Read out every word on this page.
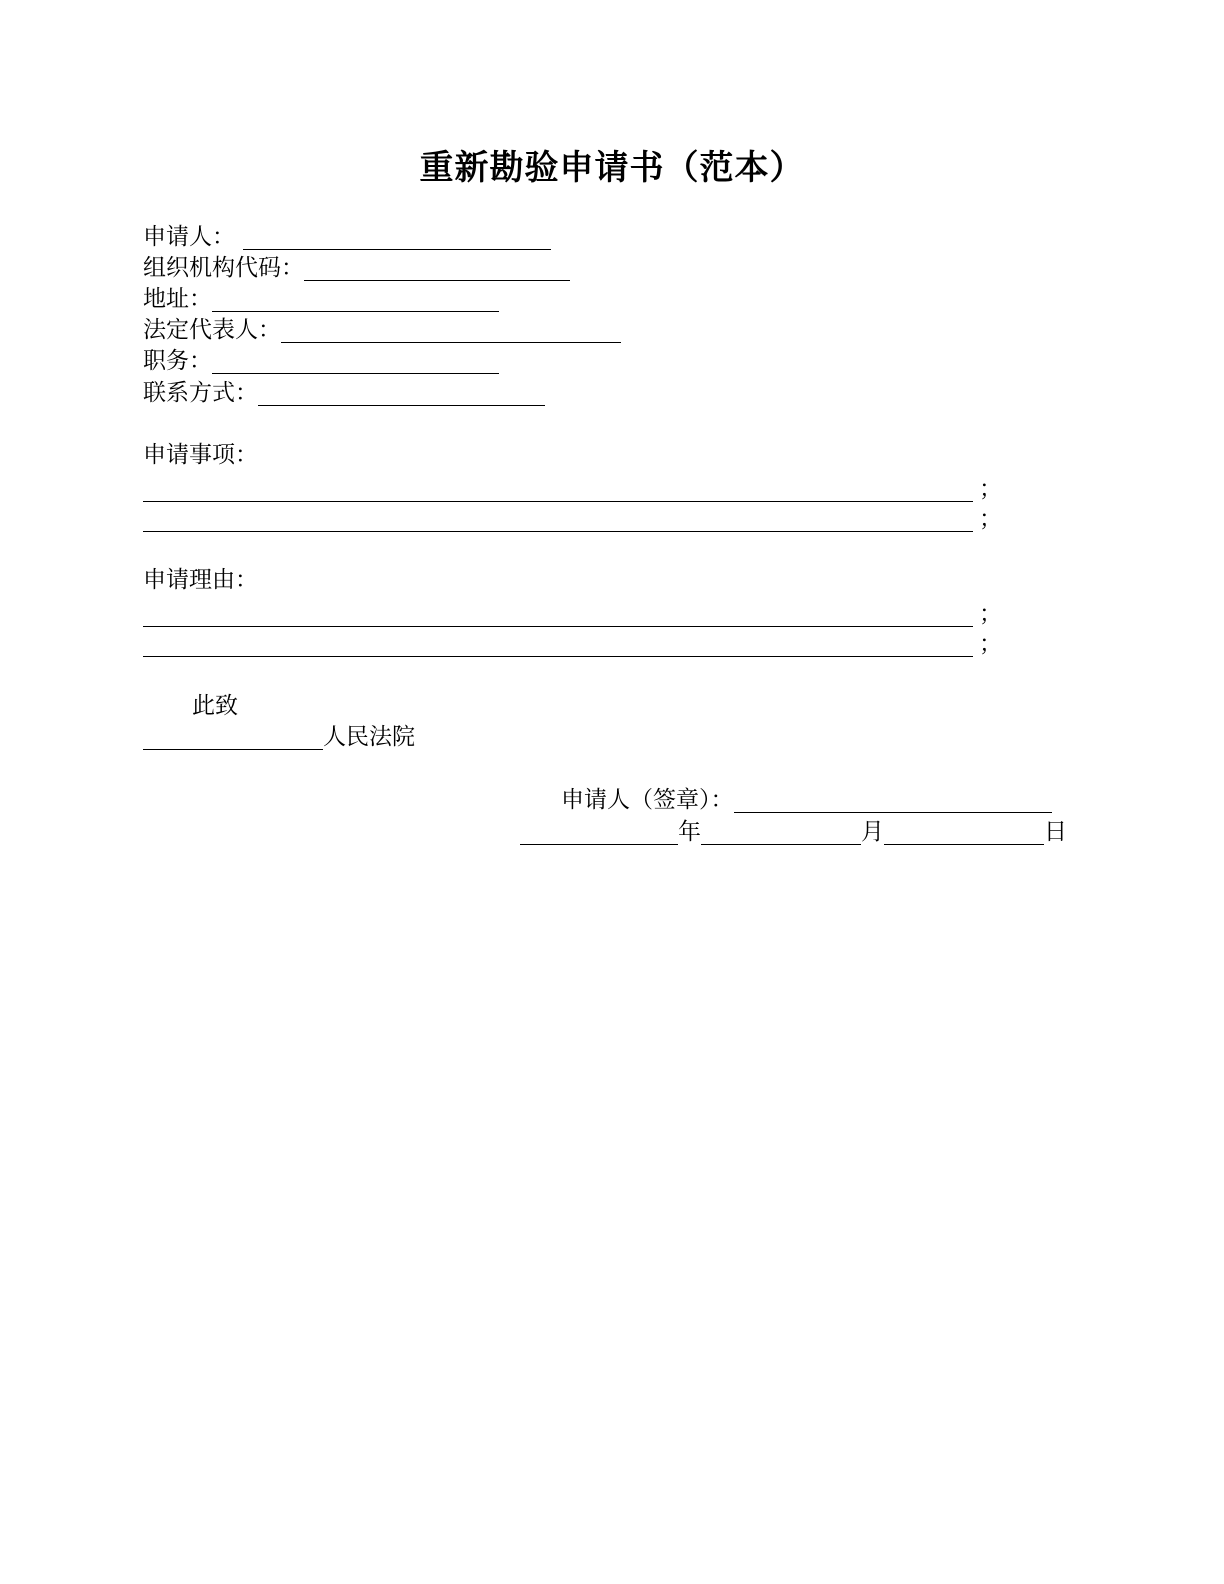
重新勘验申请书（范本）
申请人：
组织机构代码：
地址：
法定代表人：
职务：
联系方式：
申请事项：
；
；
申请理由：
；
；
此致
人民法院
申请人（签章）：
年	月	日
